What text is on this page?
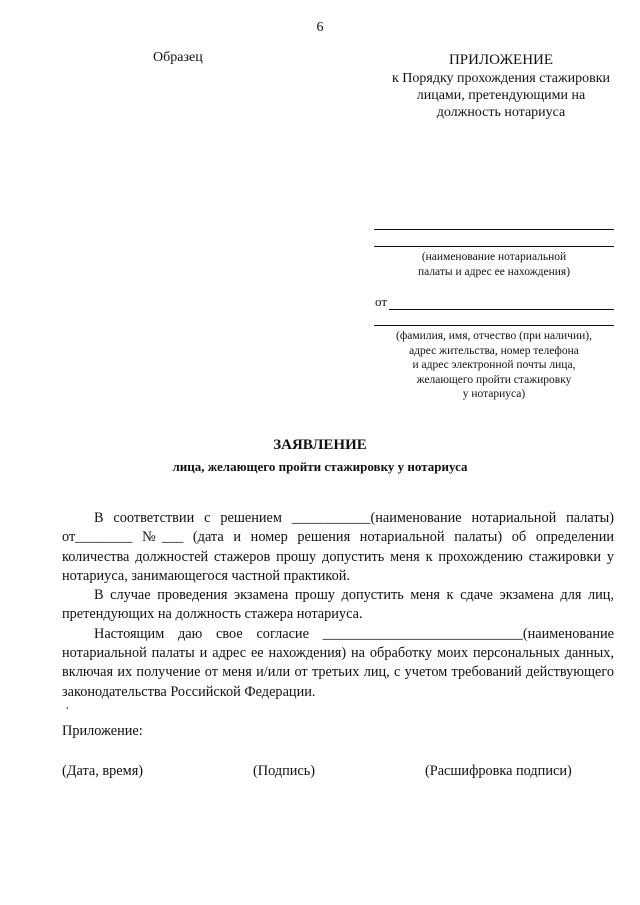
6
Образец	ПРИЛОЖЕНИЕ
к Порядку прохождения стажировки
лицами, претендующими на
должность нотариуса
(наименование нотариальной
палаты и адрес ее нахождения)
от
(фамилия, имя, отчество (при наличии),
адрес жительства, номер телефона
и адрес электронной почты лица,
желающего пройти стажировку
у нотариуса)
ЗАЯВЛЕНИЕ
лица, желающего пройти стажировку у нотариуса

В соответствии с решением ___________(наименование нотариальной палаты) от________ №___ (дата и номер решения нотариальной палаты) об определении количества должностей стажеров прошу допустить меня к прохождению стажировки у нотариуса, занимающегося частной практикой.

В случае проведения экзамена прошу допустить меня к сдаче экзамена для лиц, претендующих на должность стажера нотариуса.

Настоящим даю свое согласие ____________________________(наименование нотариальной палаты и адрес ее нахождения) на обработку моих персональных данных, включая их получение от меня и/или от третьих лиц, с учетом требований действующего законодательства Российской Федерации.

,
Приложение:
(Дата, время)	(Подпись)	(Расшифровка подписи)
